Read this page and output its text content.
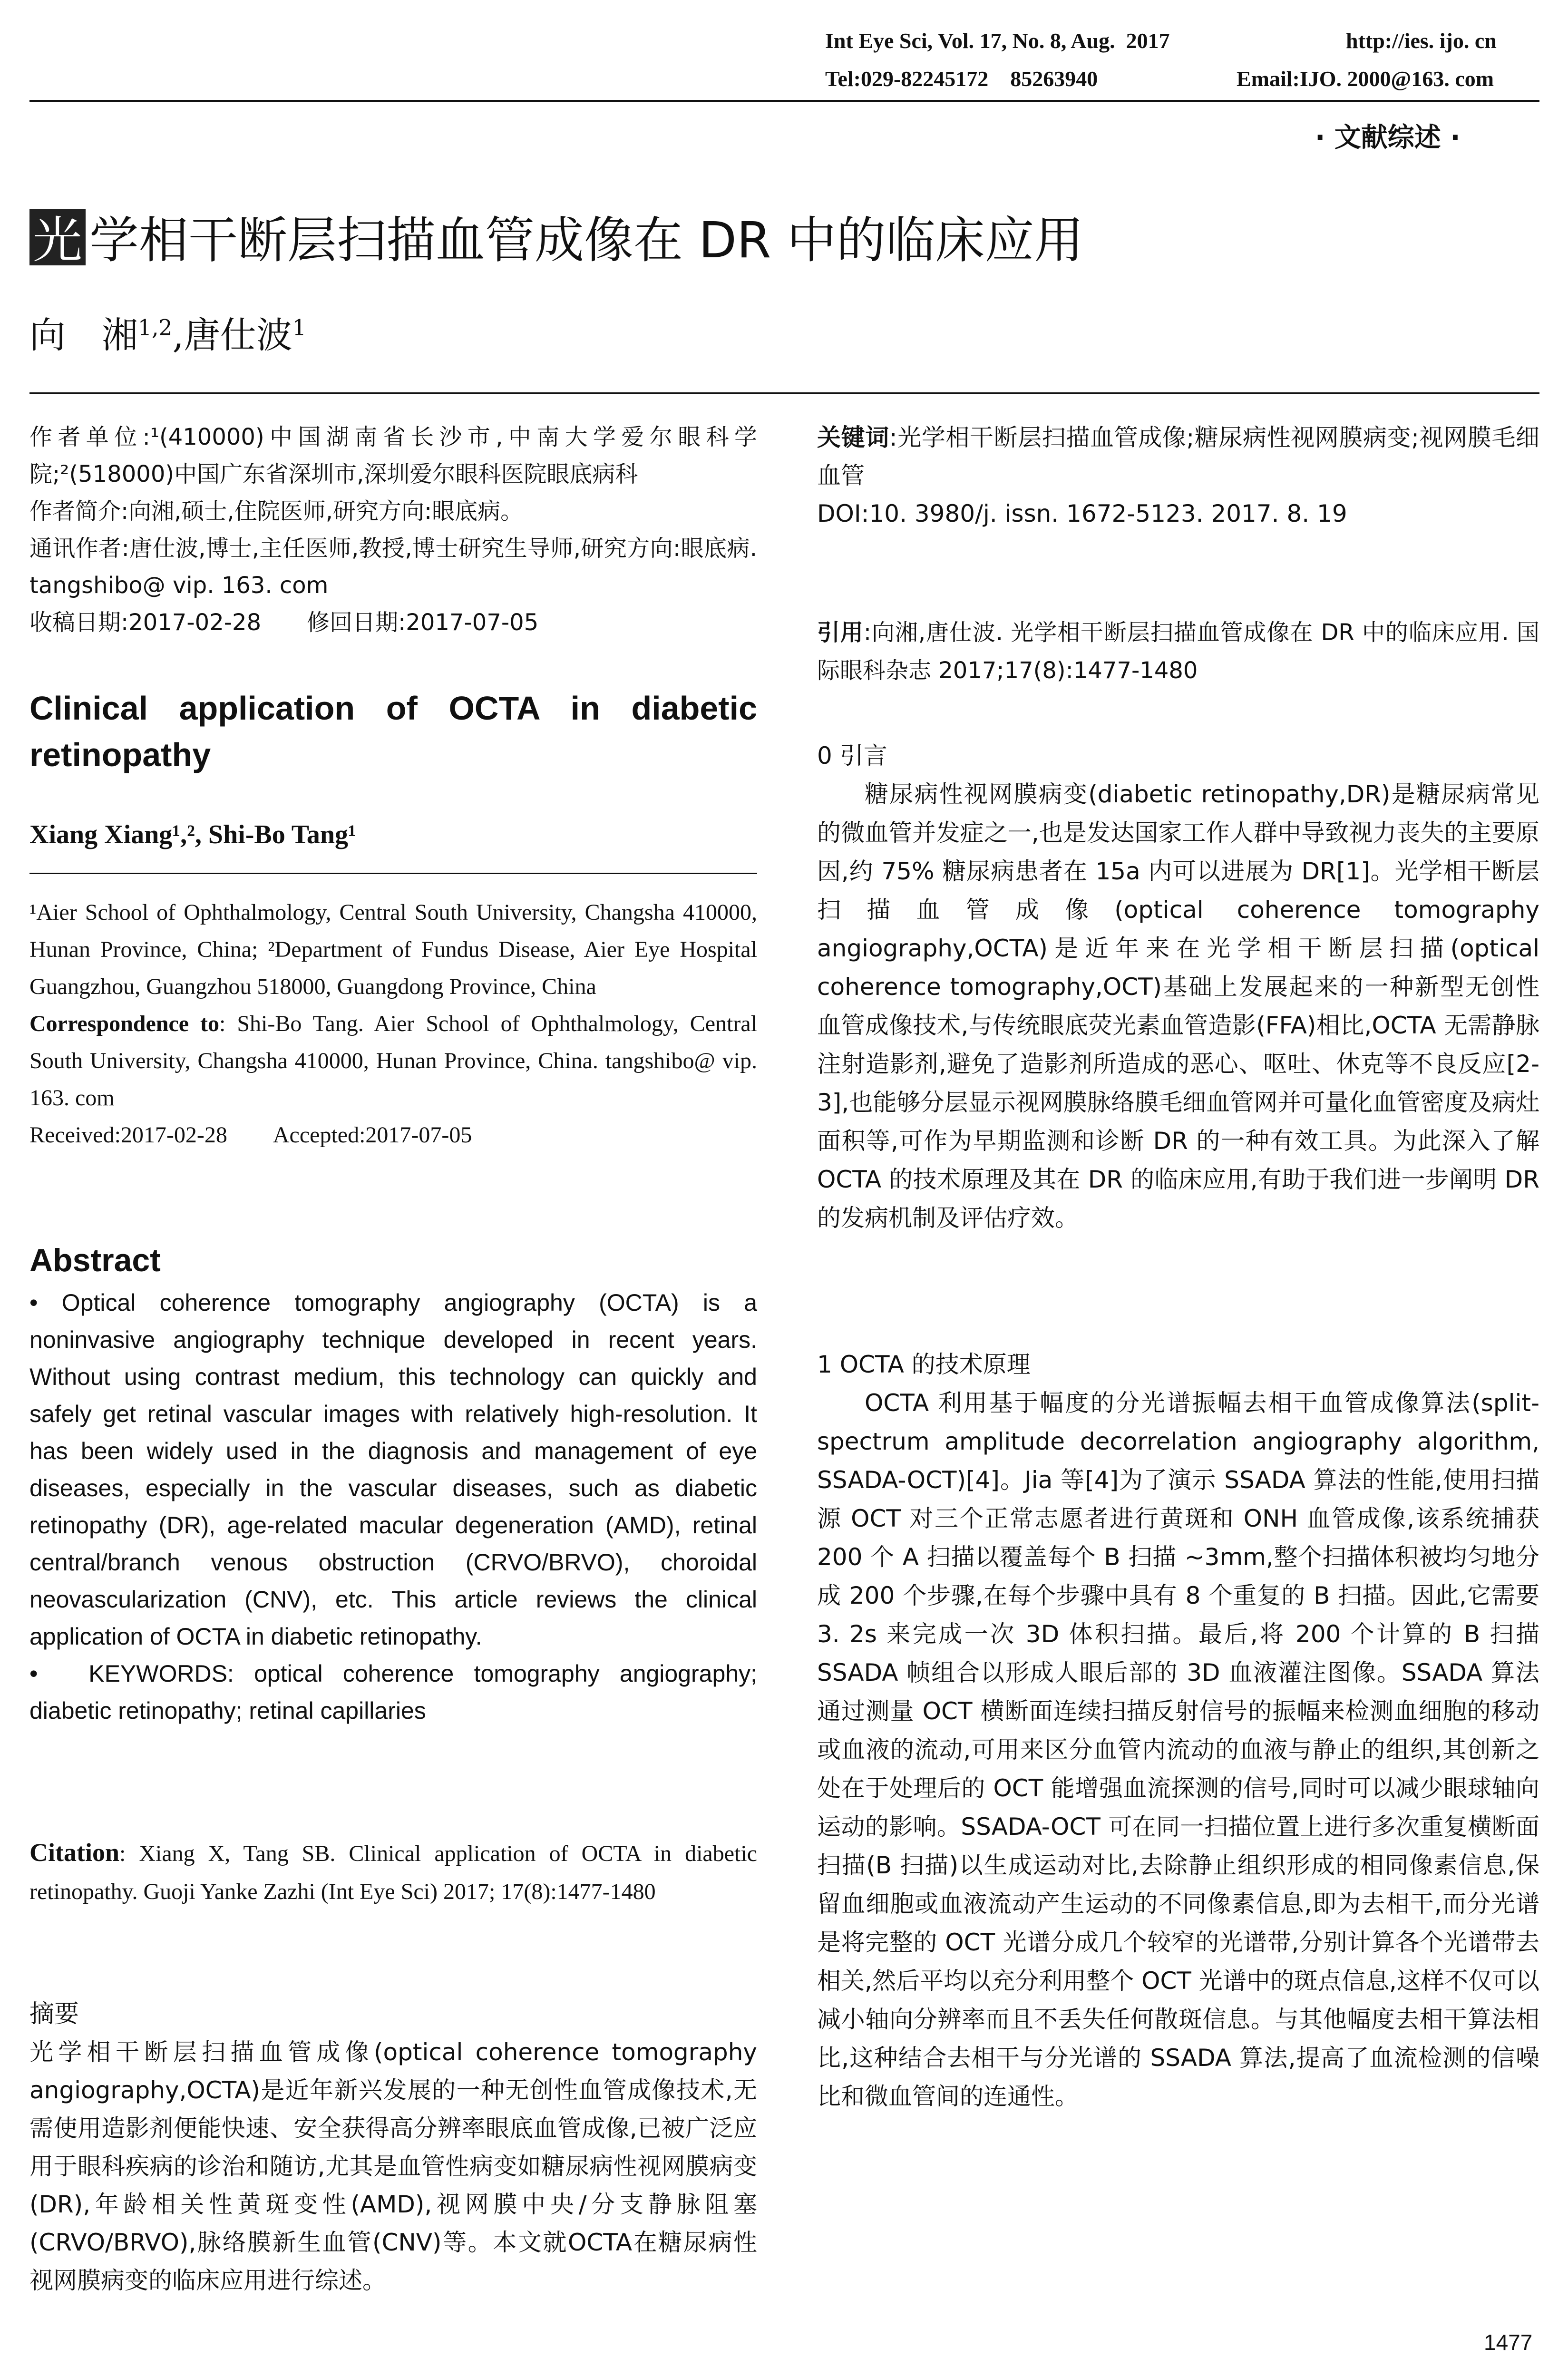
Int Eye Sci, Vol. 17, No. 8, Aug.  2017	http://ies. ijo. cn
Tel:029-82245172    85263940	Email:IJO. 2000@163. com
· 文献综述 ·
光 学相干断层扫描血管成像在 DR 中的临床应用
向　湘$^{1,2}$,唐仕波$^1$

作者单位:¹(410000)中国湖南省长沙市,中南大学爱尔眼科学院;²(518000)中国广东省深圳市,深圳爱尔眼科医院眼底病科

作者简介:向湘,硕士,住院医师,研究方向:眼底病。

通讯作者:唐仕波,博士,主任医师,教授,博士研究生导师,研究方向:眼底病. tangshibo@ vip. 163. com

收稿日期:2017-02-28　　修回日期:2017-07-05

Clinical application of OCTA in diabetic retinopathy
Xiang Xiang¹,², Shi-Bo Tang¹

¹Aier School of Ophthalmology, Central South University, Changsha 410000, Hunan Province, China; ²Department of Fundus Disease, Aier Eye Hospital Guangzhou, Guangzhou 518000, Guangdong Province, China

Correspondence to: Shi-Bo Tang. Aier School of Ophthalmology, Central South University, Changsha 410000, Hunan Province, China. tangshibo@ vip. 163. com

Received:2017-02-28　　Accepted:2017-07-05

Abstract

• Optical coherence tomography angiography (OCTA) is a noninvasive angiography technique developed in recent years. Without using contrast medium, this technology can quickly and safely get retinal vascular images with relatively high-resolution. It has been widely used in the diagnosis and management of eye diseases, especially in the vascular diseases, such as diabetic retinopathy (DR), age-related macular degeneration (AMD), retinal central/branch venous obstruction (CRVO/BRVO), choroidal neovascularization (CNV), etc. This article reviews the clinical application of OCTA in diabetic retinopathy.

•　KEYWORDS: optical coherence tomography angiography; diabetic retinopathy; retinal capillaries

Citation: Xiang X, Tang SB. Clinical application of OCTA in diabetic retinopathy. Guoji Yanke Zazhi (Int Eye Sci) 2017; 17(8):1477-1480
摘要
光学相干断层扫描血管成像(optical coherence tomography angiography,OCTA)是近年新兴发展的一种无创性血管成像技术,无需使用造影剂便能快速、安全获得高分辨率眼底血管成像,已被广泛应用于眼科疾病的诊治和随访,尤其是血管性病变如糖尿病性视网膜病变(DR),年龄相关性黄斑变性(AMD),视网膜中央/分支静脉阻塞(CRVO/BRVO),脉络膜新生血管(CNV)等。本文就OCTA在糖尿病性视网膜病变的临床应用进行综述。

关键词:光学相干断层扫描血管成像;糖尿病性视网膜病变;视网膜毛细血管

DOI:10. 3980/j. issn. 1672-5123. 2017. 8. 19

引用:向湘,唐仕波. 光学相干断层扫描血管成像在 DR 中的临床应用. 国际眼科杂志 2017;17(8):1477-1480
0 引言
糖尿病性视网膜病变(diabetic retinopathy,DR)是糖尿病常见的微血管并发症之一,也是发达国家工作人群中导致视力丧失的主要原因,约 75% 糖尿病患者在 15a 内可以进展为 DR[1]。光学相干断层扫描血管成像(optical coherence tomography angiography,OCTA)是近年来在光学相干断层扫描(optical coherence tomography,OCT)基础上发展起来的一种新型无创性血管成像技术,与传统眼底荧光素血管造影(FFA)相比,OCTA 无需静脉注射造影剂,避免了造影剂所造成的恶心、呕吐、休克等不良反应[2-3],也能够分层显示视网膜脉络膜毛细血管网并可量化血管密度及病灶面积等,可作为早期监测和诊断 DR 的一种有效工具。为此深入了解 OCTA 的技术原理及其在 DR 的临床应用,有助于我们进一步阐明 DR 的发病机制及评估疗效。
1 OCTA 的技术原理
OCTA 利用基于幅度的分光谱振幅去相干血管成像算法(split-spectrum amplitude decorrelation angiography algorithm, SSADA-OCT)[4]。Jia 等[4]为了演示 SSADA 算法的性能,使用扫描源 OCT 对三个正常志愿者进行黄斑和 ONH 血管成像,该系统捕获 200 个 A 扫描以覆盖每个 B 扫描 ~3mm,整个扫描体积被均匀地分成 200 个步骤,在每个步骤中具有 8 个重复的 B 扫描。因此,它需要 3. 2s 来完成一次 3D 体积扫描。最后,将 200 个计算的 B 扫描 SSADA 帧组合以形成人眼后部的 3D 血液灌注图像。SSADA 算法通过测量 OCT 横断面连续扫描反射信号的振幅来检测血细胞的移动或血液的流动,可用来区分血管内流动的血液与静止的组织,其创新之处在于处理后的 OCT 能增强血流探测的信号,同时可以减少眼球轴向运动的影响。SSADA-OCT 可在同一扫描位置上进行多次重复横断面扫描(B 扫描)以生成运动对比,去除静止组织形成的相同像素信息,保留血细胞或血液流动产生运动的不同像素信息,即为去相干,而分光谱是将完整的 OCT 光谱分成几个较窄的光谱带,分别计算各个光谱带去相关,然后平均以充分利用整个 OCT 光谱中的斑点信息,这样不仅可以减小轴向分辨率而且不丢失任何散斑信息。与其他幅度去相干算法相比,这种结合去相干与分光谱的 SSADA 算法,提高了血流检测的信噪比和微血管间的连通性。
1477
